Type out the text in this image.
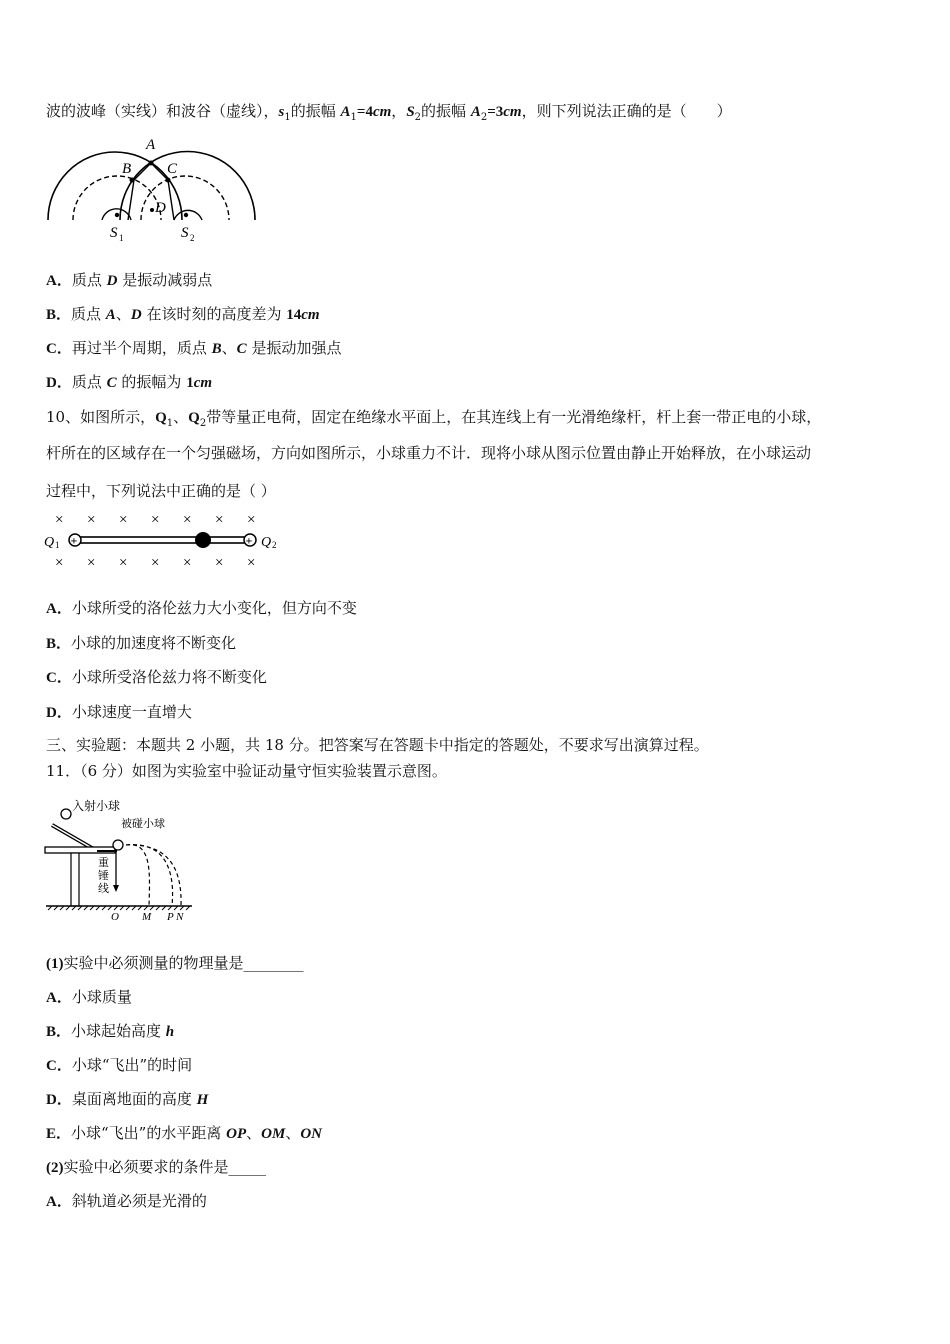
波的波峰（实线）和波谷（虚线），$s_1$的振幅 $A_1=4cm$，$S_2$的振幅 $A_2=3cm$，则下列说法正确的是（　　）
A．质点 D 是振动减弱点
B．质点 A、D 在该时刻的高度差为 14cm
C．再过半个周期，质点 B、C 是振动加强点
D．质点 C 的振幅为 1cm
10、如图所示，$Q_1$、$Q_2$带等量正电荷，固定在绝缘水平面上，在其连线上有一光滑绝缘杆，杆上套一带正电的小球，
杆所在的区域存在一个匀强磁场，方向如图所示，小球重力不计．现将小球从图示位置由静止开始释放，在小球运动
过程中，下列说法中正确的是（ ）
A．小球所受的洛伦兹力大小变化，但方向不变
B．小球的加速度将不断变化
C．小球所受洛伦兹力将不断变化
D．小球速度一直增大
三、实验题：本题共 2 小题，共 18 分。把答案写在答题卡中指定的答题处，不要求写出演算过程。
11．（6 分）如图为实验室中验证动量守恒实验装置示意图。
(1)实验中必须测量的物理量是________
A．小球质量
B．小球起始高度 h
C．小球“飞出”的时间
D．桌面离地面的高度 H
E．小球“飞出”的水平距离 OP、OM、ON
(2)实验中必须要求的条件是_____
A．斜轨道必须是光滑的
A
B C
D
S 1	S 2
+	+
Q 1	Q 2
×
×
×
×
×
×
×
×
×
×
×
×
×
×
入射小球
被碰小球
重
锤
线
O M P N
